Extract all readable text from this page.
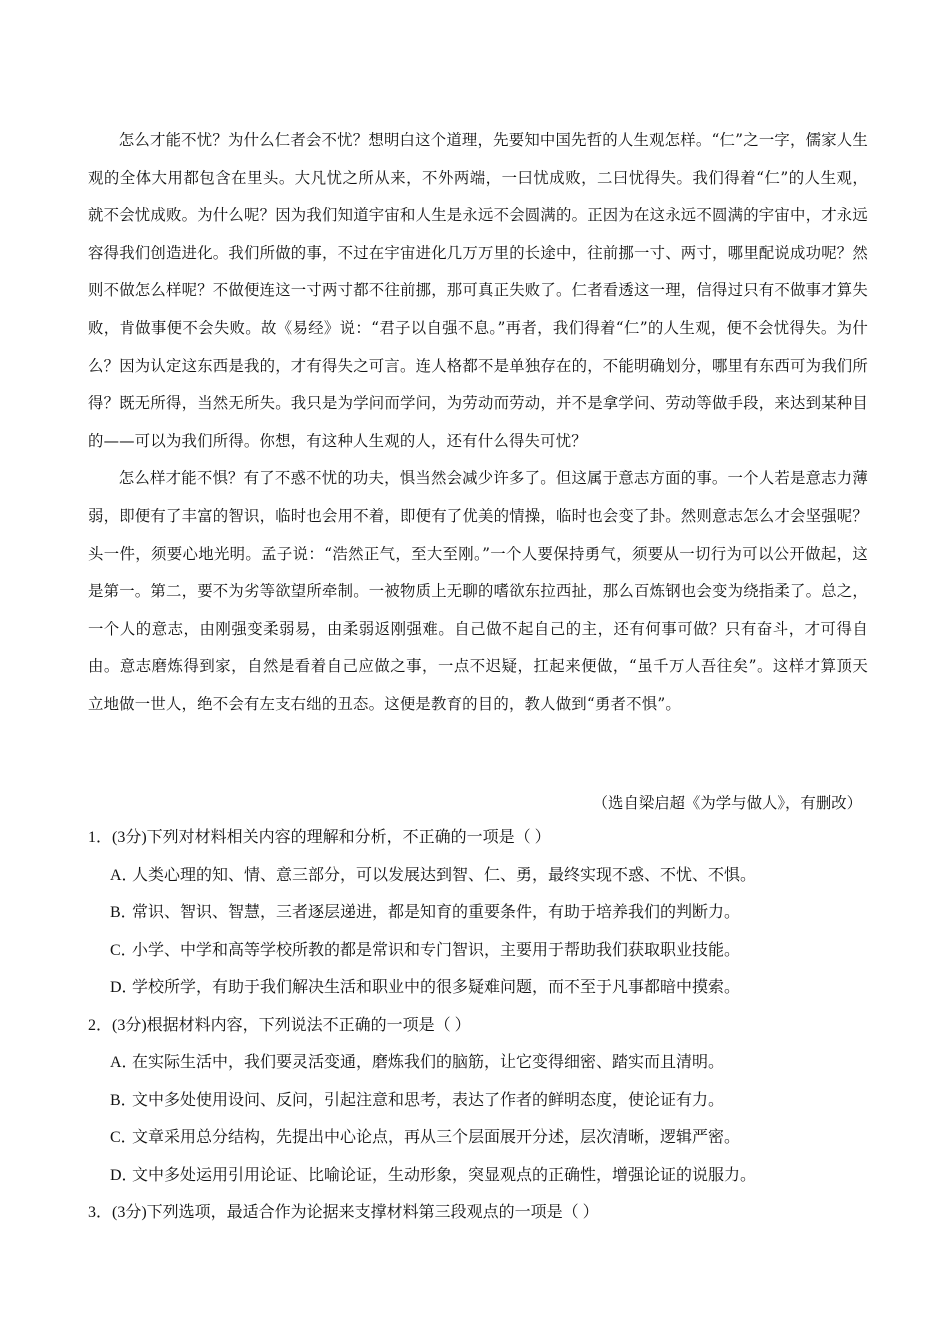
怎么才能不忧？为什么仁者会不忧？想明白这个道理，先要知中国先哲的人生观怎样。“仁”之一字，儒家人生观的全体大用都包含在里头。大凡忧之所从来，不外两端，一曰忧成败，二曰忧得失。我们得着“仁”的人生观，就不会忧成败。为什么呢？因为我们知道宇宙和人生是永远不会圆满的。正因为在这永远不圆满的宇宙中，才永远容得我们创造进化。我们所做的事，不过在宇宙进化几万万里的长途中，往前挪一寸、两寸，哪里配说成功呢？然则不做怎么样呢？不做便连这一寸两寸都不往前挪，那可真正失败了。仁者看透这一理，信得过只有不做事才算失败，肯做事便不会失败。故《易经》说：“君子以自强不息。”再者，我们得着“仁”的人生观，便不会忧得失。为什么？因为认定这东西是我的，才有得失之可言。连人格都不是单独存在的，不能明确划分，哪里有东西可为我们所得？既无所得，当然无所失。我只是为学问而学问，为劳动而劳动，并不是拿学问、劳动等做手段，来达到某种目的——可以为我们所得。你想，有这种人生观的人，还有什么得失可忧？

怎么样才能不惧？有了不惑不忧的功夫，惧当然会减少许多了。但这属于意志方面的事。一个人若是意志力薄弱，即便有了丰富的智识，临时也会用不着，即便有了优美的情操，临时也会变了卦。然则意志怎么才会坚强呢？头一件，须要心地光明。孟子说：“浩然正气，至大至刚。”一个人要保持勇气，须要从一切行为可以公开做起，这是第一。第二，要不为劣等欲望所牵制。一被物质上无聊的嗜欲东拉西扯，那么百炼钢也会变为绕指柔了。总之，一个人的意志，由刚强变柔弱易，由柔弱返刚强难。自己做不起自己的主，还有何事可做？只有奋斗，才可得自由。意志磨炼得到家，自然是看着自己应做之事，一点不迟疑，扛起来便做，“虽千万人吾往矣”。这样才算顶天立地做一世人，绝不会有左支右绌的丑态。这便是教育的目的，教人做到“勇者不惧”。

（选自梁启超《为学与做人》，有删改）
1．(3分)下列对材料相关内容的理解和分析，不正确的一项是（ ）
A．人类心理的知、情、意三部分，可以发展达到智、仁、勇，最终实现不惑、不忧、不惧。
B．常识、智识、智慧，三者逐层递进，都是知育的重要条件，有助于培养我们的判断力。
C．小学、中学和高等学校所教的都是常识和专门智识，主要用于帮助我们获取职业技能。
D．学校所学，有助于我们解决生活和职业中的很多疑难问题，而不至于凡事都暗中摸索。
2．(3分)根据材料内容，下列说法不正确的一项是（ ）
A．在实际生活中，我们要灵活变通，磨炼我们的脑筋，让它变得细密、踏实而且清明。
B．文中多处使用设问、反问，引起注意和思考，表达了作者的鲜明态度，使论证有力。
C．文章采用总分结构，先提出中心论点，再从三个层面展开分述，层次清晰，逻辑严密。
D．文中多处运用引用论证、比喻论证，生动形象，突显观点的正确性，增强论证的说服力。
3．(3分)下列选项，最适合作为论据来支撑材料第三段观点的一项是（ ）
